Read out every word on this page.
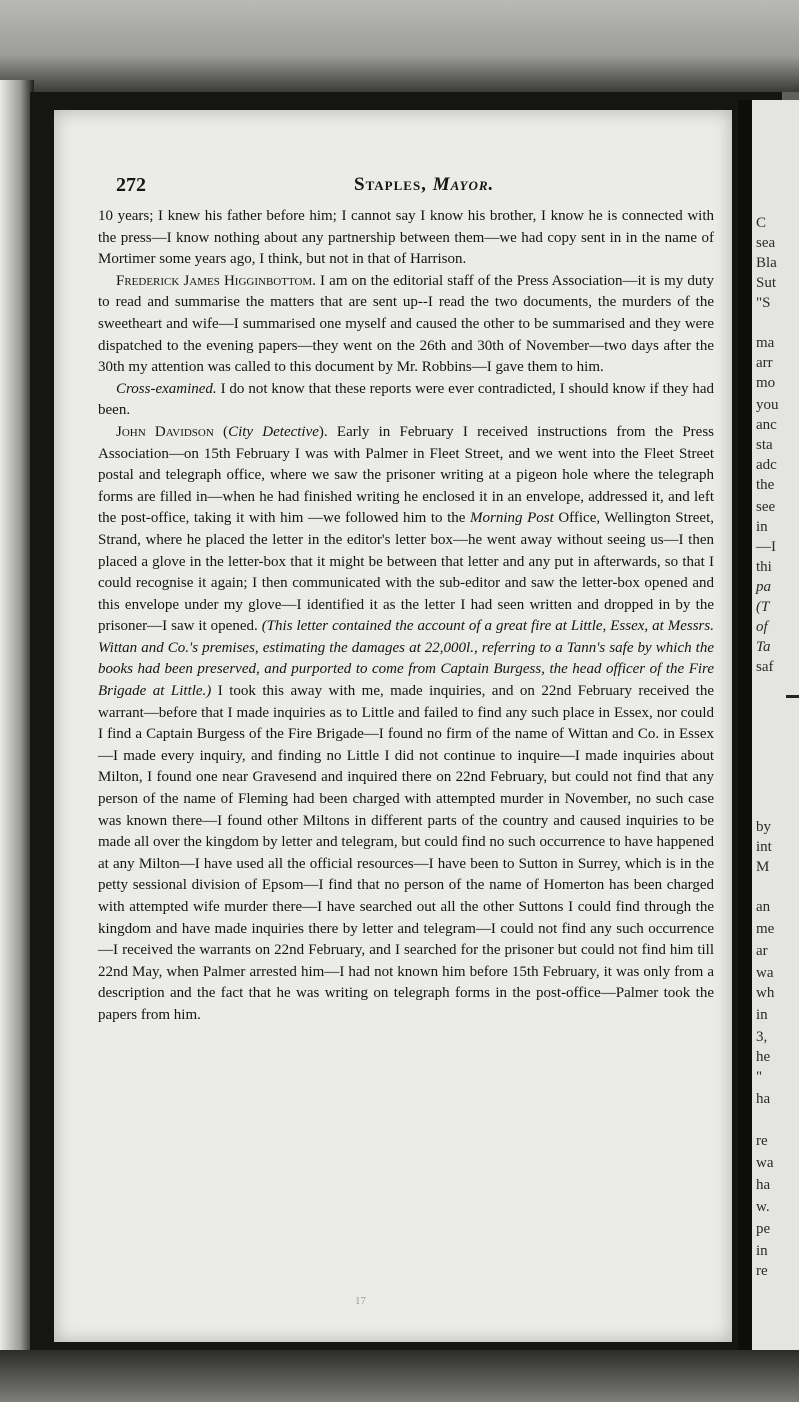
C
sea
Bla
Sut
"S
ma
arr
mo
you
anc
sta
adc
the
see
in
—I
thi
pa
(T
of
Ta
saf
by
int
M
an
me
ar
wa
wh
in
3,
he
"
ha
re
wa
ha
w.
pe
in
re
272	Staples, Mayor.

10 years; I knew his father before him; I cannot say I know his brother, I know he is connected with the press—I know nothing about any partnership between them—we had copy sent in in the name of Mortimer some years ago, I think, but not in that of Harrison.

Frederick James Higginbottom. I am on the editorial staff of the Press Association—it is my duty to read and summarise the matters that are sent up--I read the two documents, the murders of the sweetheart and wife—I summarised one myself and caused the other to be summarised and they were dispatched to the evening papers—they went on the 26th and 30th of November—two days after the 30th my attention was called to this document by Mr. Robbins—I gave them to him.

Cross-examined. I do not know that these reports were ever contradicted, I should know if they had been.

John Davidson (City Detective). Early in February I received instructions from the Press Association—on 15th February I was with Palmer in Fleet Street, and we went into the Fleet Street postal and telegraph office, where we saw the prisoner writing at a pigeon hole where the telegraph forms are filled in—when he had finished writing he enclosed it in an envelope, addressed it, and left the post-office, taking it with him —we followed him to the Morning Post Office, Wellington Street, Strand, where he placed the letter in the editor's letter box—he went away without seeing us—I then placed a glove in the letter-box that it might be between that letter and any put in afterwards, so that I could recognise it again; I then communicated with the sub-editor and saw the letter-box opened and this envelope under my glove—I identified it as the letter I had seen written and dropped in by the prisoner—I saw it opened. (This letter contained the account of a great fire at Little, Essex, at Messrs. Wittan and Co.'s premises, estimating the damages at 22,000l., referring to a Tann's safe by which the books had been preserved, and purported to come from Captain Burgess, the head officer of the Fire Brigade at Little.) I took this away with me, made inquiries, and on 22nd February received the warrant—before that I made inquiries as to Little and failed to find any such place in Essex, nor could I find a Captain Burgess of the Fire Brigade—I found no firm of the name of Wittan and Co. in Essex—I made every inquiry, and finding no Little I did not continue to inquire—I made inquiries about Milton, I found one near Gravesend and inquired there on 22nd February, but could not find that any person of the name of Fleming had been charged with attempted murder in November, no such case was known there—I found other Miltons in different parts of the country and caused inquiries to be made all over the kingdom by letter and telegram, but could find no such occurrence to have happened at any Milton—I have used all the official resources—I have been to Sutton in Surrey, which is in the petty sessional division of Epsom—I find that no person of the name of Homerton has been charged with attempted wife murder there—I have searched out all the other Suttons I could find through the kingdom and have made inquiries there by letter and telegram—I could not find any such occurrence—I received the warrants on 22nd February, and I searched for the prisoner but could not find him till 22nd May, when Palmer arrested him—I had not known him before 15th February, it was only from a description and the fact that he was writing on telegraph forms in the post-office—Palmer took the papers from him.

17
